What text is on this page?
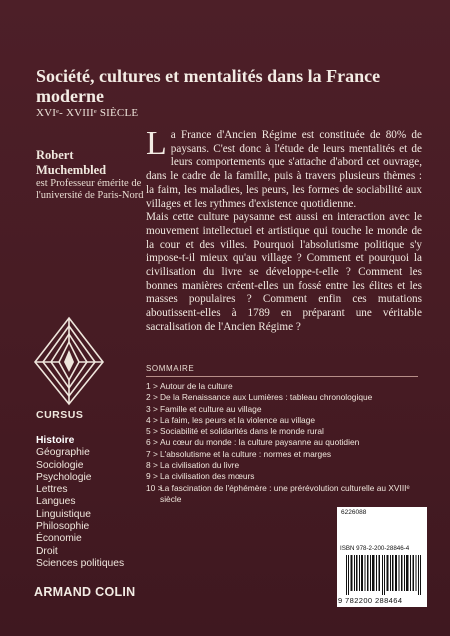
Société, cultures et mentalités dans la France moderne
XVIᵉ- XVIIIᵉ SIÈCLE
Robert Muchembled
est Professeur émérite de l'université de Paris-Nord

La France d'Ancien Régime est constituée de 80% de paysans. C'est donc à l'étude de leurs mentalités et de leurs comportements que s'attache d'abord cet ouvrage, dans le cadre de la famille, puis à travers plusieurs thèmes : la faim, les maladies, les peurs, les formes de sociabilité aux villages et les rythmes d'existence quotidienne.

Mais cette culture paysanne est aussi en interaction avec le mouvement intellectuel et artistique qui touche le monde de la cour et des villes. Pourquoi l'absolutisme politique s'y impose-t-il mieux qu'au village ? Comment et pourquoi la civilisation du livre se développe-t-elle ? Comment les bonnes manières créent-elles un fossé entre les élites et les masses populaires ? Comment enfin ces mutations aboutissent-elles à 1789 en préparant une véritable sacralisation de l'Ancien Régime ?

CURSUS
Histoire
Géographie
Sociologie
Psychologie
Lettres
Langues
Linguistique
Philosophie
Économie
Droit
Sciences politiques
ARMAND COLIN
SOMMAIRE
1 > Autour de la culture
2 > De la Renaissance aux Lumières : tableau chronologique
3 > Famille et culture au village
4 > La faim, les peurs et la violence au village
5 > Sociabilité et solidarités dans le monde rural
6 > Au cœur du monde : la culture paysanne au quotidien
7 > L'absolutisme et la culture : normes et marges
8 > La civilisation du livre
9 > La civilisation des mœurs
10 >
La fascination de l'éphémère : une prérévolution culturelle au XVIIIᵉ siècle
6226088
ISBN 978-2-200-28846-4
9 782200 288464
